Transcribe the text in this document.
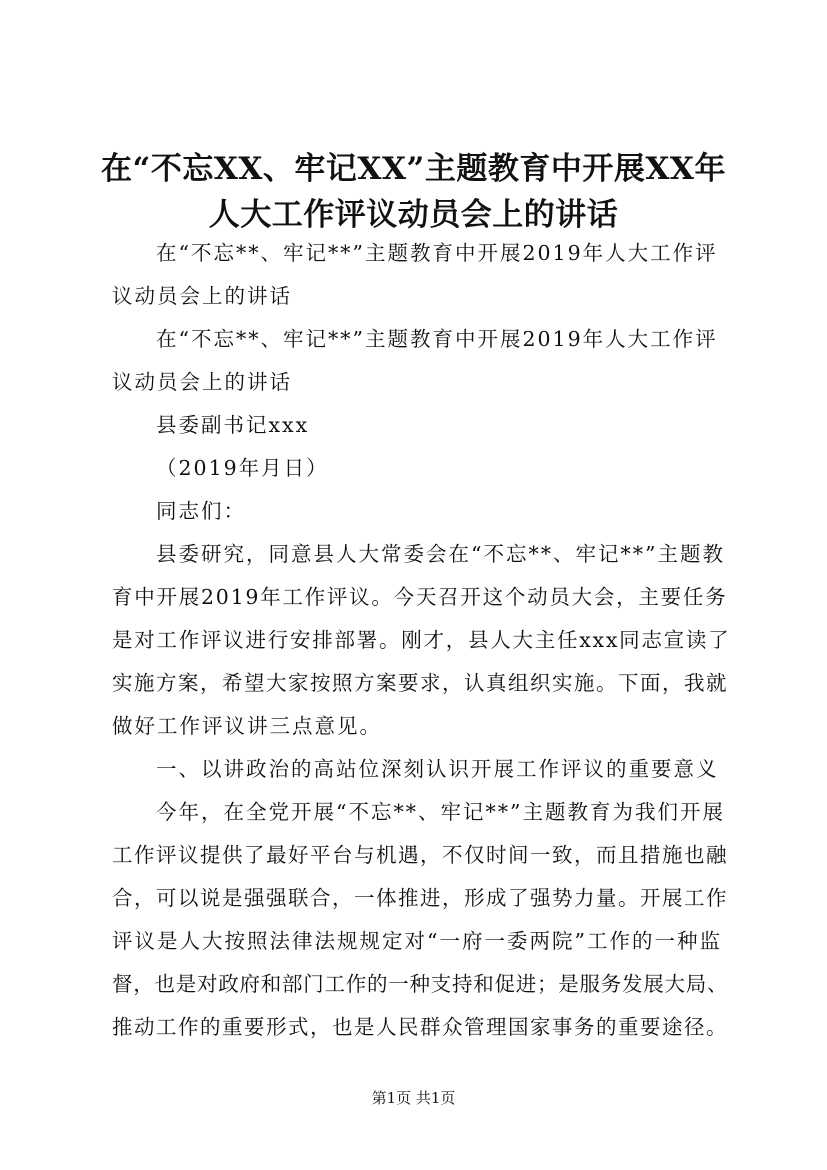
在“不忘XX、牢记XX”主题教育中开展XX年
人大工作评议动员会上的讲话
在“不忘**、牢记**”主题教育中开展2019年人大工作评
议动员会上的讲话
在“不忘**、牢记**”主题教育中开展2019年人大工作评
议动员会上的讲话
县委副书记xxx
（2019年月日）
同志们：
县委研究，同意县人大常委会在“不忘**、牢记**”主题教
育中开展2019年工作评议。今天召开这个动员大会，主要任务
是对工作评议进行安排部署。刚才，县人大主任xxx同志宣读了
实施方案，希望大家按照方案要求，认真组织实施。下面，我就
做好工作评议讲三点意见。
一、以讲政治的高站位深刻认识开展工作评议的重要意义
今年，在全党开展“不忘**、牢记**”主题教育为我们开展
工作评议提供了最好平台与机遇，不仅时间一致，而且措施也融
合，可以说是强强联合，一体推进，形成了强势力量。开展工作
评议是人大按照法律法规规定对“一府一委两院”工作的一种监
督，也是对政府和部门工作的一种支持和促进；是服务发展大局、
推动工作的重要形式，也是人民群众管理国家事务的重要途径。
第1页 共1页
